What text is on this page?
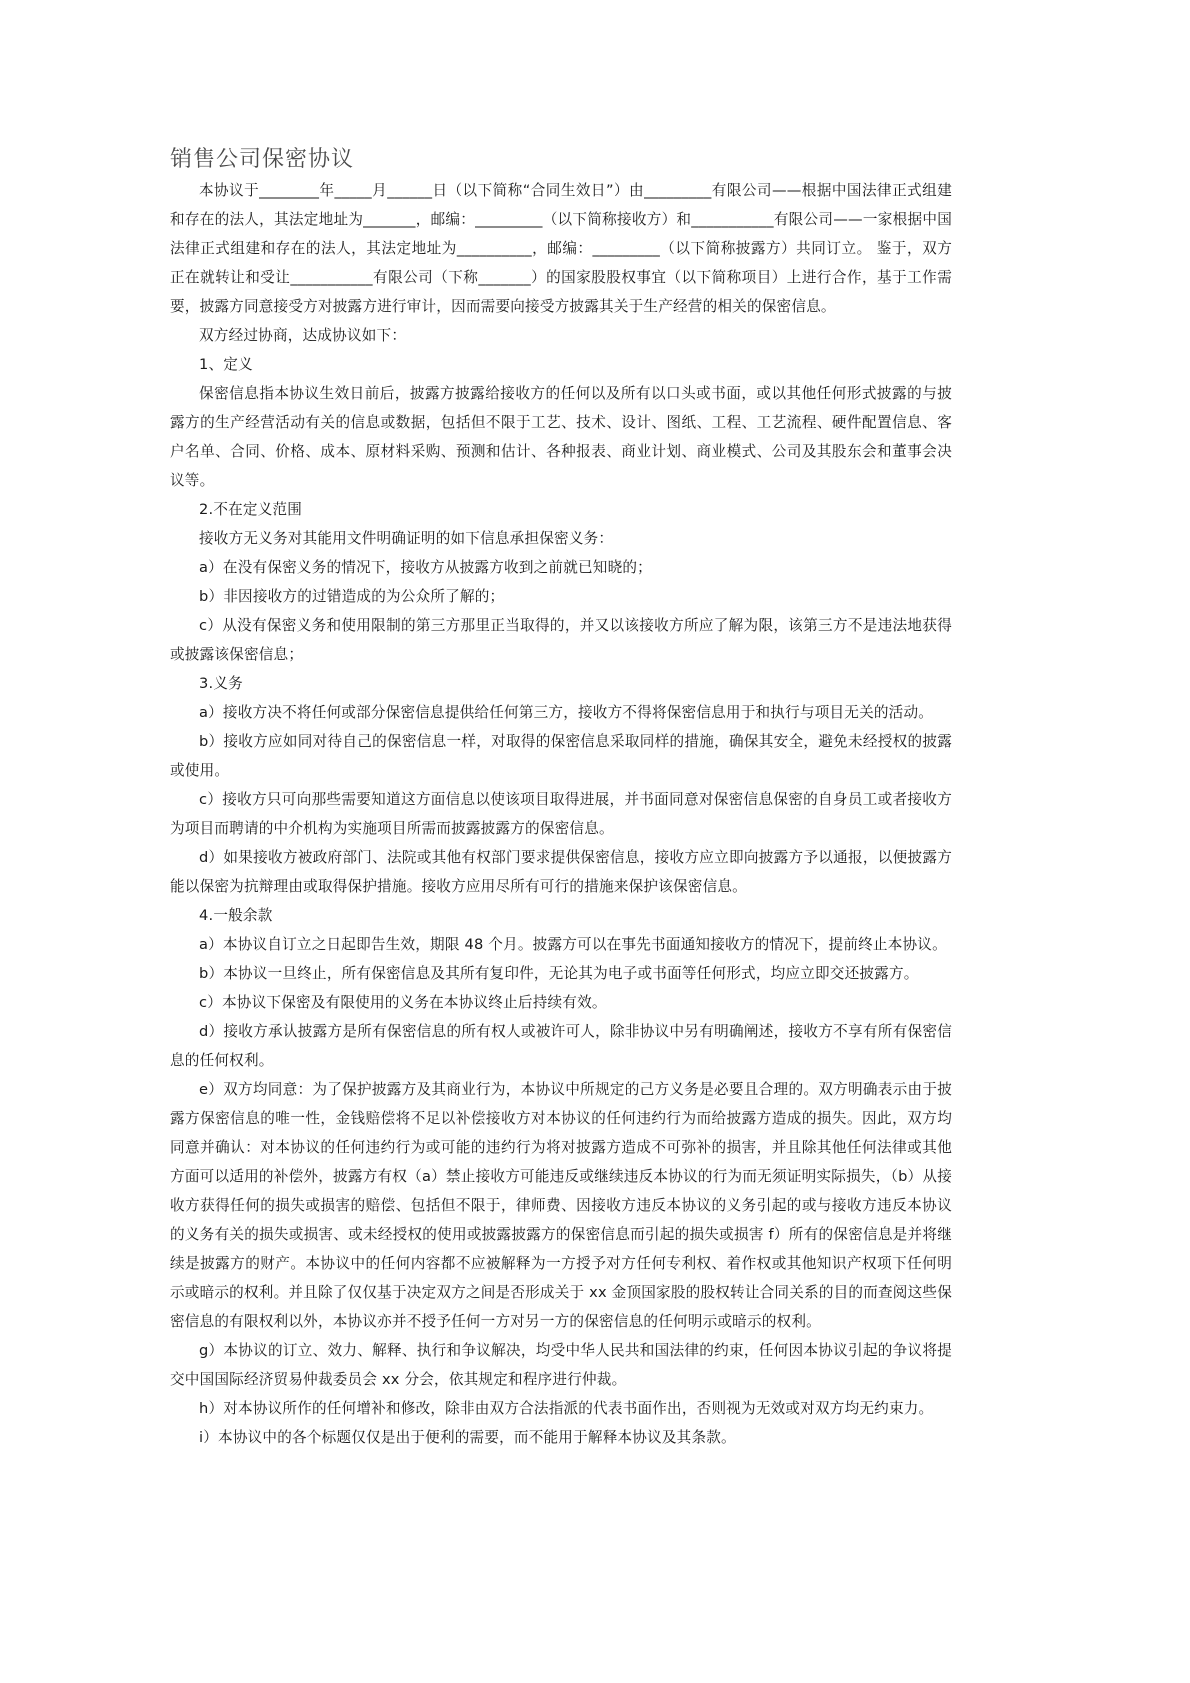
销售公司保密协议

本协议于________年_____月______日（以下简称“合同生效日”）由_________有限公司——根据中国法律正式组建和存在的法人，其法定地址为_______，邮编：_________（以下简称接收方）和___________有限公司——一家根据中国法律正式组建和存在的法人，其法定地址为__________，邮编：_________（以下简称披露方）共同订立。 鉴于，双方正在就转让和受让___________有限公司（下称_______）的国家股股权事宜（以下简称项目）上进行合作，基于工作需要，披露方同意接受方对披露方进行审计，因而需要向接受方披露其关于生产经营的相关的保密信息。

双方经过协商，达成协议如下：

1、定义

保密信息指本协议生效日前后，披露方披露给接收方的任何以及所有以口头或书面，或以其他任何形式披露的与披露方的生产经营活动有关的信息或数据，包括但不限于工艺、技术、设计、图纸、工程、工艺流程、硬件配置信息、客户名单、合同、价格、成本、原材料采购、预测和估计、各种报表、商业计划、商业模式、公司及其股东会和董事会决议等。

2.不在定义范围

接收方无义务对其能用文件明确证明的如下信息承担保密义务：

a）在没有保密义务的情况下，接收方从披露方收到之前就已知晓的；

b）非因接收方的过错造成的为公众所了解的；

c）从没有保密义务和使用限制的第三方那里正当取得的，并又以该接收方所应了解为限，该第三方不是违法地获得或披露该保密信息；

3.义务

a）接收方决不将任何或部分保密信息提供给任何第三方，接收方不得将保密信息用于和执行与项目无关的活动。

b）接收方应如同对待自己的保密信息一样，对取得的保密信息采取同样的措施，确保其安全，避免未经授权的披露或使用。

c）接收方只可向那些需要知道这方面信息以使该项目取得进展，并书面同意对保密信息保密的自身员工或者接收方为项目而聘请的中介机构为实施项目所需而披露披露方的保密信息。

d）如果接收方被政府部门、法院或其他有权部门要求提供保密信息，接收方应立即向披露方予以通报，以便披露方能以保密为抗辩理由或取得保护措施。接收方应用尽所有可行的措施来保护该保密信息。

4.一般余款

a）本协议自订立之日起即告生效，期限 48 个月。披露方可以在事先书面通知接收方的情况下，提前终止本协议。

b）本协议一旦终止，所有保密信息及其所有复印件，无论其为电子或书面等任何形式，均应立即交还披露方。

c）本协议下保密及有限使用的义务在本协议终止后持续有效。

d）接收方承认披露方是所有保密信息的所有权人或被许可人，除非协议中另有明确阐述，接收方不享有所有保密信息的任何权利。

e）双方均同意：为了保护披露方及其商业行为，本协议中所规定的己方义务是必要且合理的。双方明确表示由于披露方保密信息的唯一性，金钱赔偿将不足以补偿接收方对本协议的任何违约行为而给披露方造成的损失。因此，双方均同意并确认：对本协议的任何违约行为或可能的违约行为将对披露方造成不可弥补的损害，并且除其他任何法律或其他方面可以适用的补偿外，披露方有权（a）禁止接收方可能违反或继续违反本协议的行为而无须证明实际损失，（b）从接收方获得任何的损失或损害的赔偿、包括但不限于，律师费、因接收方违反本协议的义务引起的或与接收方违反本协议的义务有关的损失或损害、或未经授权的使用或披露披露方的保密信息而引起的损失或损害 f）所有的保密信息是并将继续是披露方的财产。本协议中的任何内容都不应被解释为一方授予对方任何专利权、着作权或其他知识产权项下任何明示或暗示的权利。并且除了仅仅基于决定双方之间是否形成关于 xx 金顶国家股的股权转让合同关系的目的而查阅这些保密信息的有限权利以外，本协议亦并不授予任何一方对另一方的保密信息的任何明示或暗示的权利。

g）本协议的订立、效力、解释、执行和争议解决，均受中华人民共和国法律的约束，任何因本协议引起的争议将提交中国国际经济贸易仲裁委员会 xx 分会，依其规定和程序进行仲裁。

h）对本协议所作的任何增补和修改，除非由双方合法指派的代表书面作出，否则视为无效或对双方均无约束力。

i）本协议中的各个标题仅仅是出于便利的需要，而不能用于解释本协议及其条款。
